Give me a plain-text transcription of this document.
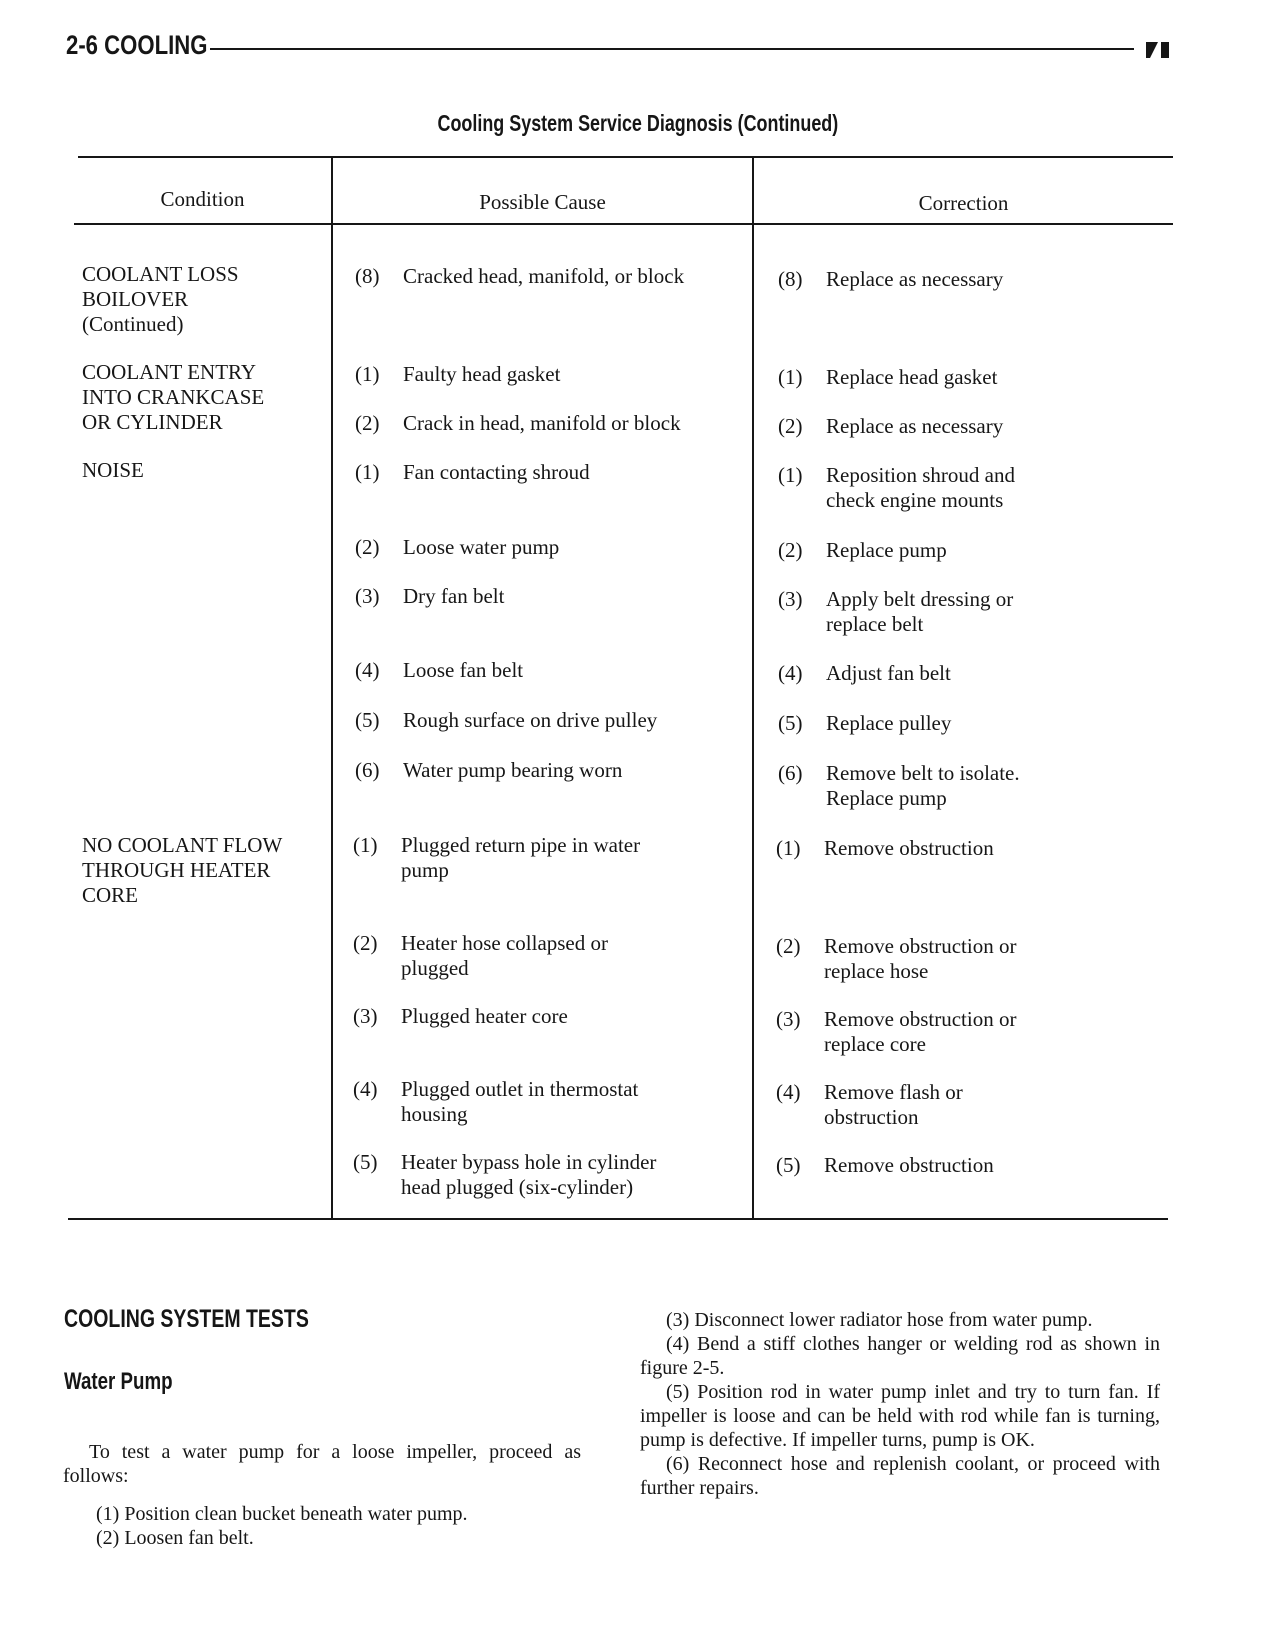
2-6 COOLING
Cooling System Service Diagnosis (Continued)
Condition	Possible Cause	Correction
COOLANT LOSS
BOILOVER
(Continued)
COOLANT ENTRY
INTO CRANKCASE
OR CYLINDER
NOISE
NO COOLANT FLOW
THROUGH HEATER
CORE
(8) Cracked head, manifold, or block
(1) Faulty head gasket
(2) Crack in head, manifold or block
(1) Fan contacting shroud
(2) Loose water pump
(3) Dry fan belt
(4) Loose fan belt
(5) Rough surface on drive pulley
(6) Water pump bearing worn
(1) Plugged return pipe in water
pump
(2) Heater hose collapsed or
plugged
(3) Plugged heater core
(4) Plugged outlet in thermostat
housing
(5) Heater bypass hole in cylinder
head plugged (six-cylinder)
(8) Replace as necessary
(1) Replace head gasket
(2) Replace as necessary
(1) Reposition shroud and
check engine mounts
(2) Replace pump
(3) Apply belt dressing or
replace belt
(4) Adjust fan belt
(5) Replace pulley
(6) Remove belt to isolate.
Replace pump
(1) Remove obstruction
(2) Remove obstruction or
replace hose
(3) Remove obstruction or
replace core
(4) Remove flash or
obstruction
(5) Remove obstruction
COOLING SYSTEM TESTS
Water Pump

To test a water pump for a loose impeller, proceed as follows:

(1) Position clean bucket beneath water pump.
(2) Loosen fan belt.

(3) Disconnect lower radiator hose from water pump.

(4) Bend a stiff clothes hanger or welding rod as shown in figure 2-5.

(5) Position rod in water pump inlet and try to turn fan. If impeller is loose and can be held with rod while fan is turning, pump is defective. If impeller turns, pump is OK.

(6) Reconnect hose and replenish coolant, or proceed with further repairs.
